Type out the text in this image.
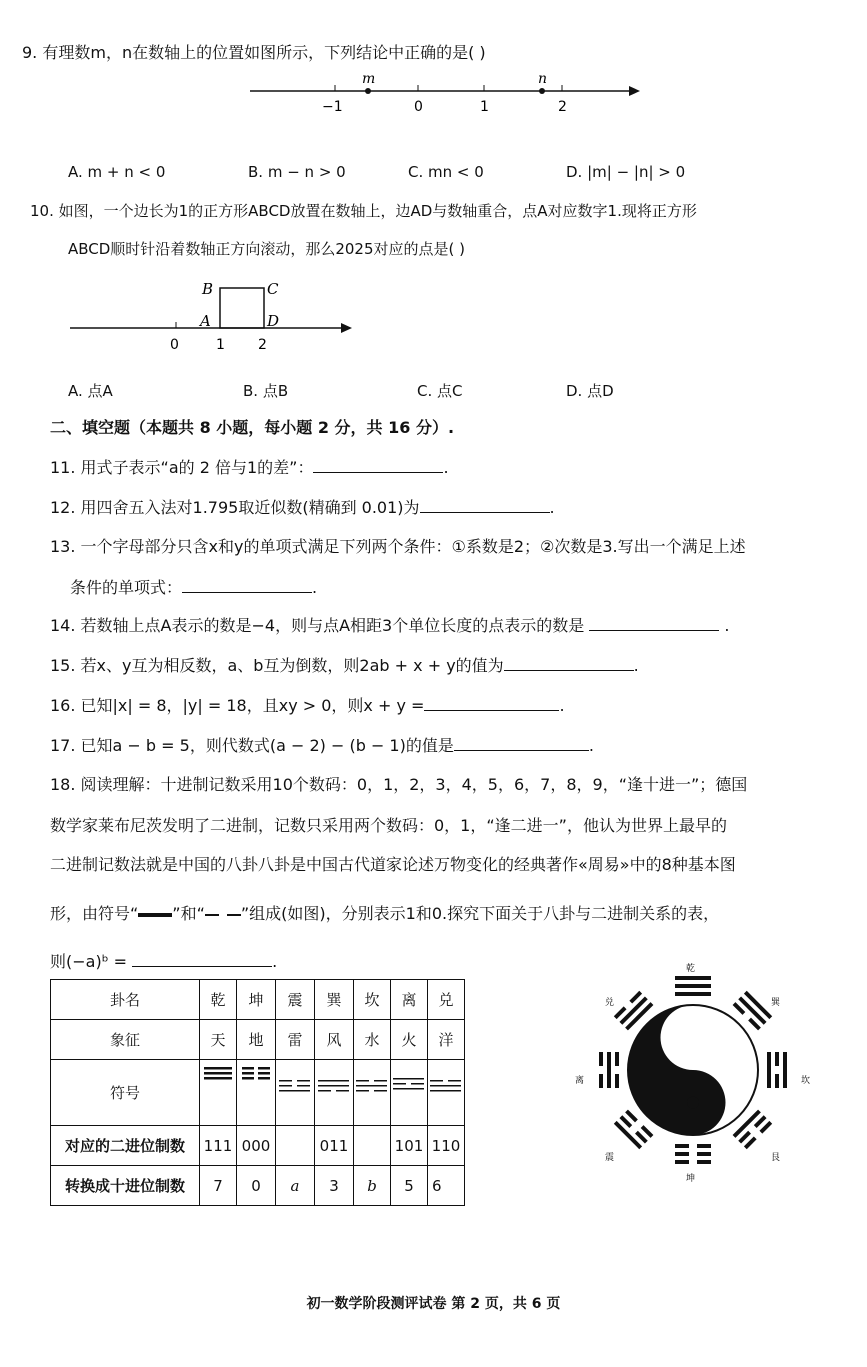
9. 有理数m，n在数轴上的位置如图所示，下列结论中正确的是( )
m	n
−1	0	1	2
A. m + n < 0	B. m − n > 0	C. mn < 0	D. |m| − |n| > 0
10. 如图，一个边长为1的正方形ABCD放置在数轴上，边AD与数轴重合，点A对应数字1.现将正方形
ABCD顺时针沿着数轴正方向滚动，那么2025对应的点是( )
B	C
A	D
0	1 2
A. 点A	B. 点B	C. 点C	D. 点D
二、填空题（本题共 8 小题，每小题 2 分，共 16 分）.
11. 用式子表示“a的 2 倍与1的差”：	.
12. 用四舍五入法对1.795取近似数(精确到 0.01)为	.
13. 一个字母部分只含x和y的单项式满足下列两个条件：①系数是2；②次数是3.写出一个满足上述
条件的单项式：	.
14. 若数轴上点A表示的数是−4，则与点A相距3个单位长度的点表示的数是	.
15. 若x、y互为相反数，a、b互为倒数，则2ab + x + y的值为	.
16. 已知|x| = 8，|y| = 18，且xy > 0，则x + y =	.
17. 已知a − b = 5，则代数式(a − 2) − (b − 1)的值是	.
18. 阅读理解：十进制记数采用10个数码：0，1，2，3，4，5，6，7，8，9，“逢十进一”；德国
数学家莱布尼茨发明了二进制，记数只采用两个数码：0，1，“逢二进一”，他认为世界上最早的
二进制记数法就是中国的八卦八卦是中国古代道家论述万物变化的经典著作«周易»中的8种基本图
形，由符号“ ”和“ ”组成(如图)，分别表示1和0.探究下面关于八卦与二进制关系的表，
则(−a)ᵇ =	.
卦名	乾	坤	震	巽	坎	离	兑
象征	天	地	雷	风	水	火	洋
符号							
对应的二进位制数	111	000		011		101	110
转换成十进位制数	7	0	a	3	b	5	6
乾
兑
离
震
坤
艮
坎
巽
初一数学阶段测评试卷 第 2 页，共 6 页
